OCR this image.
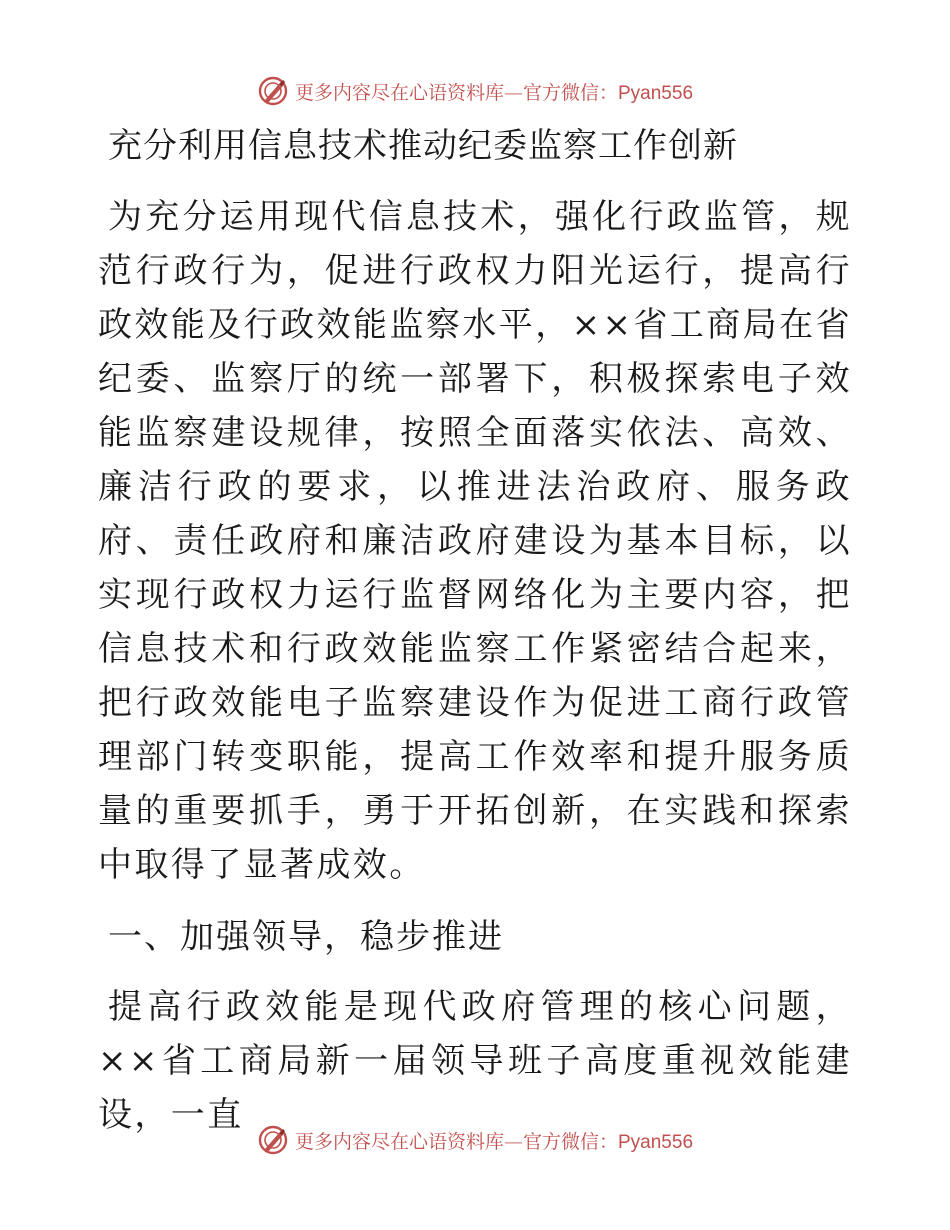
更多内容尽在心语资料库—官方微信：Pyan556
充分利用信息技术推动纪委监察工作创新

为充分运用现代信息技术，强化行政监管，规范行政行为，促进行政权力阳光运行，提高行政效能及行政效能监察水平，××省工商局在省纪委、监察厅的统一部署下，积极探索电子效能监察建设规律，按照全面落实依法、高效、廉洁行政的要求，以推进法治政府、服务政府、责任政府和廉洁政府建设为基本目标，以实现行政权力运行监督网络化为主要内容，把信息技术和行政效能监察工作紧密结合起来，把行政效能电子监察建设作为促进工商行政管理部门转变职能，提高工作效率和提升服务质量的重要抓手，勇于开拓创新，在实践和探索中取得了显著成效。

一、加强领导，稳步推进

提高行政效能是现代政府管理的核心问题，××省工商局新一届领导班子高度重视效能建设，一直

更多内容尽在心语资料库—官方微信：Pyan556
